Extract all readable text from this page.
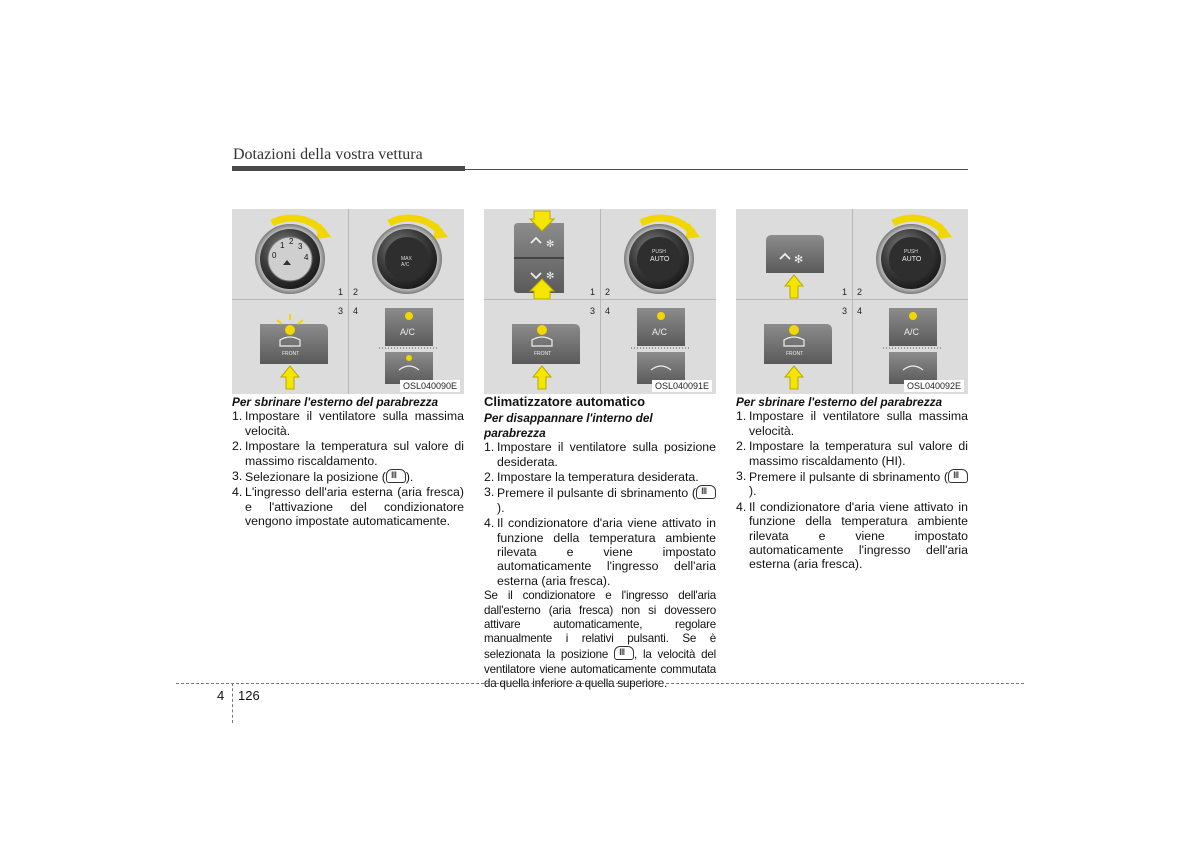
Dotazioni della vostra vettura
0
1 2
3
4	MAX
A/C
FRONT
A/C
1 2
3 4
OSL040090E
✻
✻
PUSH
AUTO
FRONT
A/C
1 2
3 4
OSL040091E
✻
PUSH
AUTO
FRONT
A/C
1 2
3 4
OSL040092E

Per sbrinare l'esterno del parabrezza

1. Impostare il ventilatore sulla massima velocità.
2. Impostare la temperatura sul valore di massimo riscaldamento.
3. Selezionare la posizione ( Ⅲ ).
4. L'ingresso dell'aria esterna (aria fresca) e l'attivazione del condizionatore vengono impostate automaticamente.

Climatizzatore automatico

Per disappannare l'interno del parabrezza

1. Impostare il ventilatore sulla posizione desiderata.
2. Impostare la temperatura desiderata.
3. Premere il pulsante di sbrinamento (Ⅲ).
4. Il condizionatore d'aria viene attivato in funzione della temperatura ambiente rilevata e viene impostato automaticamente l'ingresso dell'aria esterna (aria fresca).

Se il condizionatore e l'ingresso dell'aria dall'esterno (aria fresca) non si dovessero attivare automaticamente, regolare manualmente i relativi pulsanti. Se è selezionata la posizione Ⅲ , la velocità del ventilatore viene automaticamente commutata da quella inferiore a quella superiore.

Per sbrinare l'esterno del parabrezza

1. Impostare il ventilatore sulla massima velocità.
2. Impostare la temperatura sul valore di massimo riscaldamento (HI).
3. Premere il pulsante di sbrinamento (Ⅲ).
4. Il condizionatore d'aria viene attivato in funzione della temperatura ambiente rilevata e viene impostato automaticamente l'ingresso dell'aria esterna (aria fresca).
4 126
